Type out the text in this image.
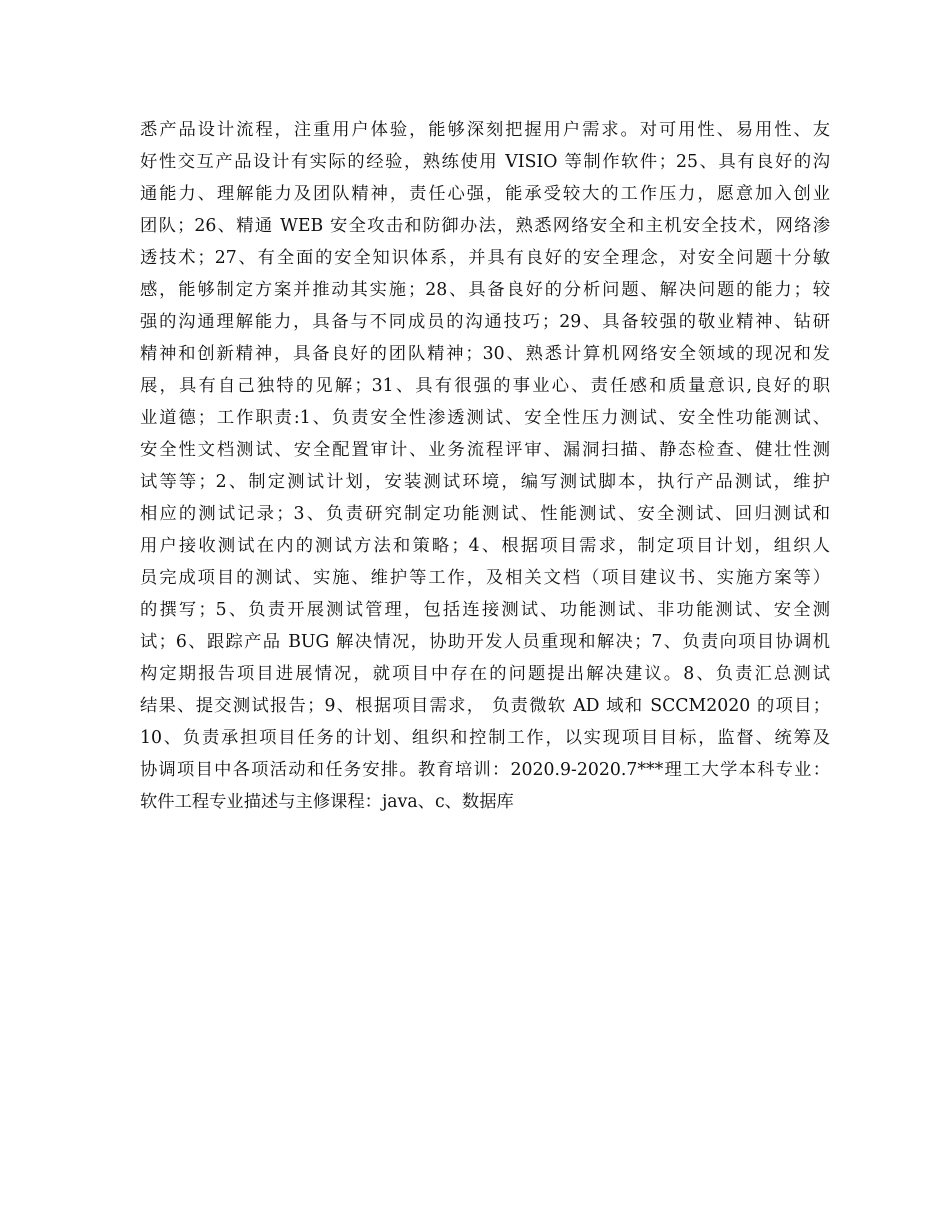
悉产品设计流程，注重用户体验，能够深刻把握用户需求。对可用性、易用性、友
好性交互产品设计有实际的经验，熟练使用 VISIO 等制作软件；25、具有良好的沟
通能力、理解能力及团队精神，责任心强，能承受较大的工作压力，愿意加入创业
团队；26、精通 WEB 安全攻击和防御办法，熟悉网络安全和主机安全技术，网络渗
透技术；27、有全面的安全知识体系，并具有良好的安全理念，对安全问题十分敏
感，能够制定方案并推动其实施；28、具备良好的分析问题、解决问题的能力；较
强的沟通理解能力，具备与不同成员的沟通技巧；29、具备较强的敬业精神、钻研
精神和创新精神，具备良好的团队精神；30、熟悉计算机网络安全领域的现况和发
展，具有自己独特的见解；31、具有很强的事业心、责任感和质量意识,良好的职
业道德；工作职责:1、负责安全性渗透测试、安全性压力测试、安全性功能测试、
安全性文档测试、安全配置审计、业务流程评审、漏洞扫描、静态检查、健壮性测
试等等；2、制定测试计划，安装测试环境，编写测试脚本，执行产品测试，维护
相应的测试记录；3、负责研究制定功能测试、性能测试、安全测试、回归测试和
用户接收测试在内的测试方法和策略；4、根据项目需求，制定项目计划，组织人
员完成项目的测试、实施、维护等工作，及相关文档（项目建议书、实施方案等）
的撰写；5、负责开展测试管理，包括连接测试、功能测试、非功能测试、安全测
试；6、跟踪产品 BUG 解决情况，协助开发人员重现和解决；7、负责向项目协调机
构定期报告项目进展情况，就项目中存在的问题提出解决建议。8、负责汇总测试
结果、提交测试报告；9、根据项目需求， 负责微软 AD 域和 SCCM2020 的项目；
10、负责承担项目任务的计划、组织和控制工作，以实现项目目标，监督、统筹及
协调项目中各项活动和任务安排。教育培训：2020.9-2020.7***理工大学本科专业：
软件工程专业描述与主修课程：java、c、数据库
